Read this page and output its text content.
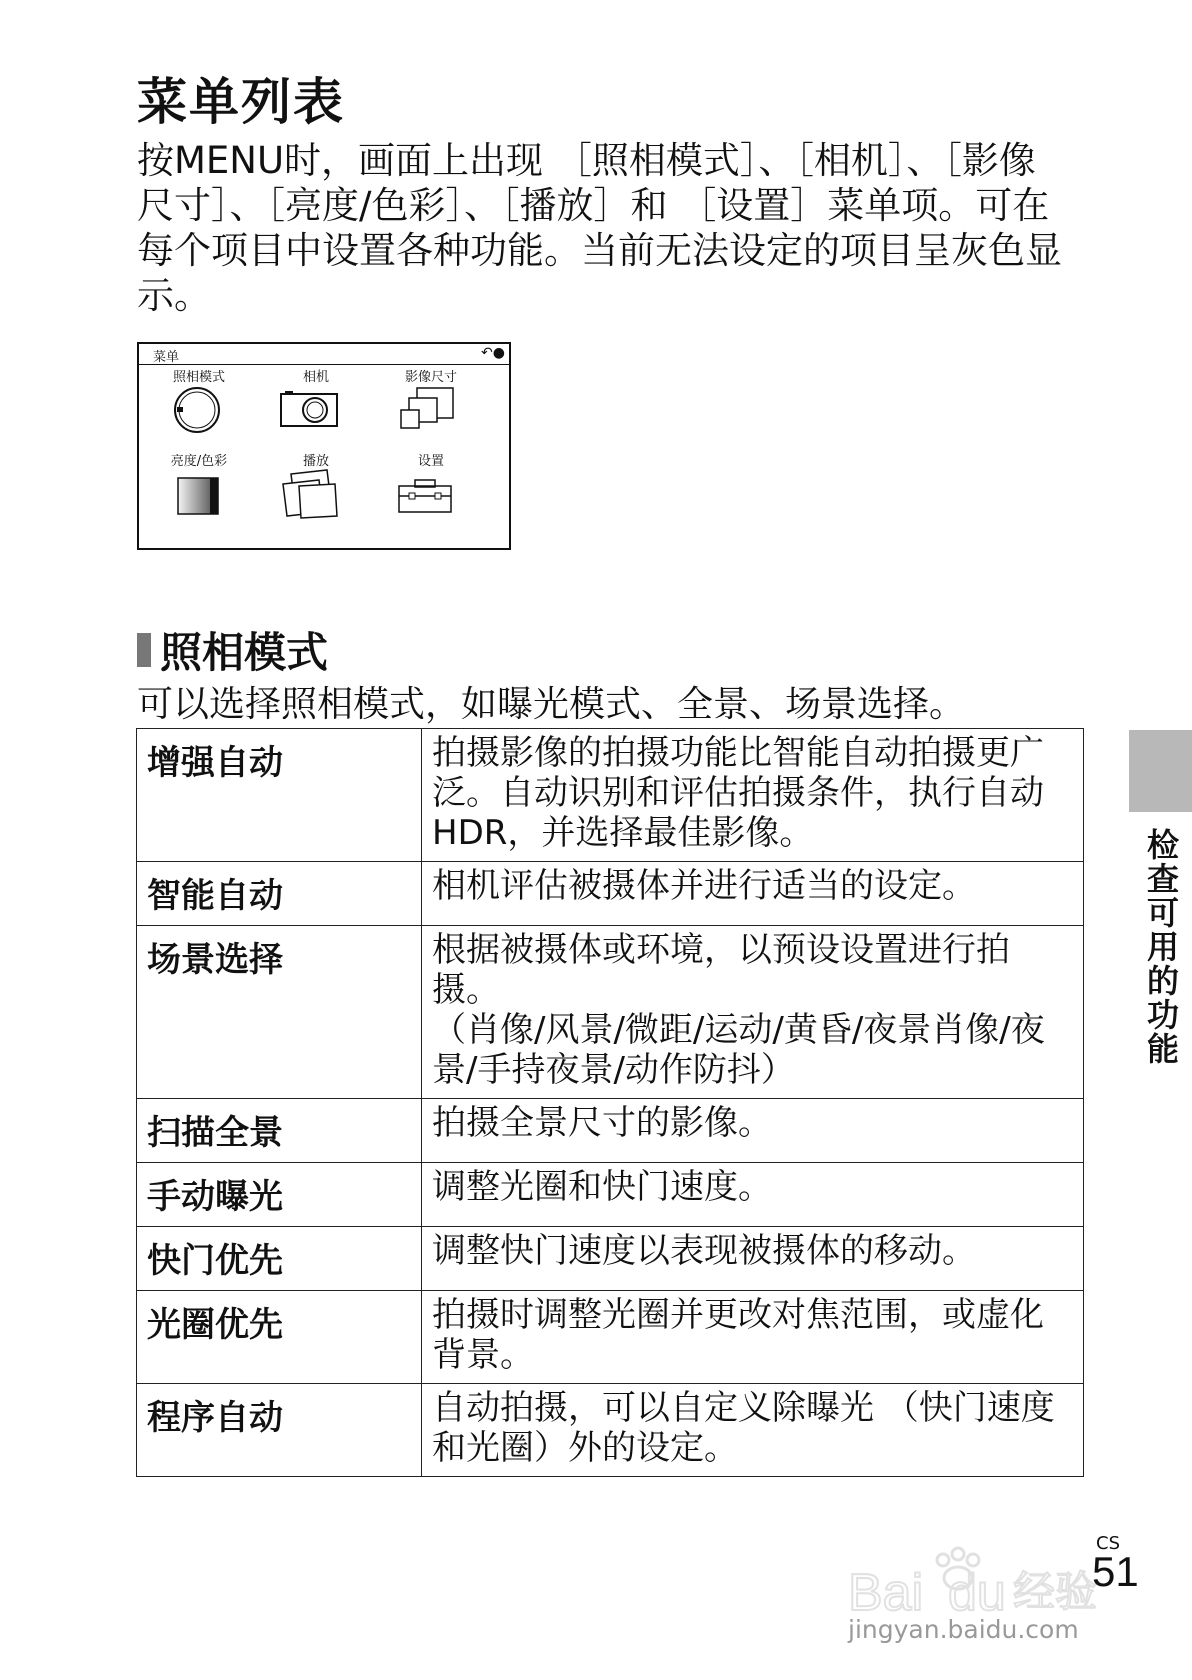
菜单列表
按MENU时，画面上出现 ［照相模式］、［相机］、［影像尺寸］、［亮度/色彩］、［播放］和 ［设置］菜单项。可在每个项目中设置各种功能。当前无法设定的项目呈灰色显示。
菜单	↶●
照相模式	相机	影像尺寸
亮度/色彩	播放	设置
照相模式
可以选择照相模式，如曝光模式、全景、场景选择。
增强自动	拍摄影像的拍摄功能比智能自动拍摄更广泛。自动识别和评估拍摄条件，执行自动HDR，并选择最佳影像。

智能自动	相机评估被摄体并进行适当的设定。

场景选择	根据被摄体或环境，以预设设置进行拍摄。
（肖像/风景/微距/运动/黄昏/夜景肖像/夜景/手持夜景/动作防抖）

扫描全景	拍摄全景尺寸的影像。

手动曝光	调整光圈和快门速度。

快门优先	调整快门速度以表现被摄体的移动。

光圈优先	拍摄时调整光圈并更改对焦范围，或虚化背景。

程序自动	自动拍摄，可以自定义除曝光 （快门速度和光圈）外的设定。
检查可用的功能
CS
51
Bai du 经验
jingyan.baidu.com
